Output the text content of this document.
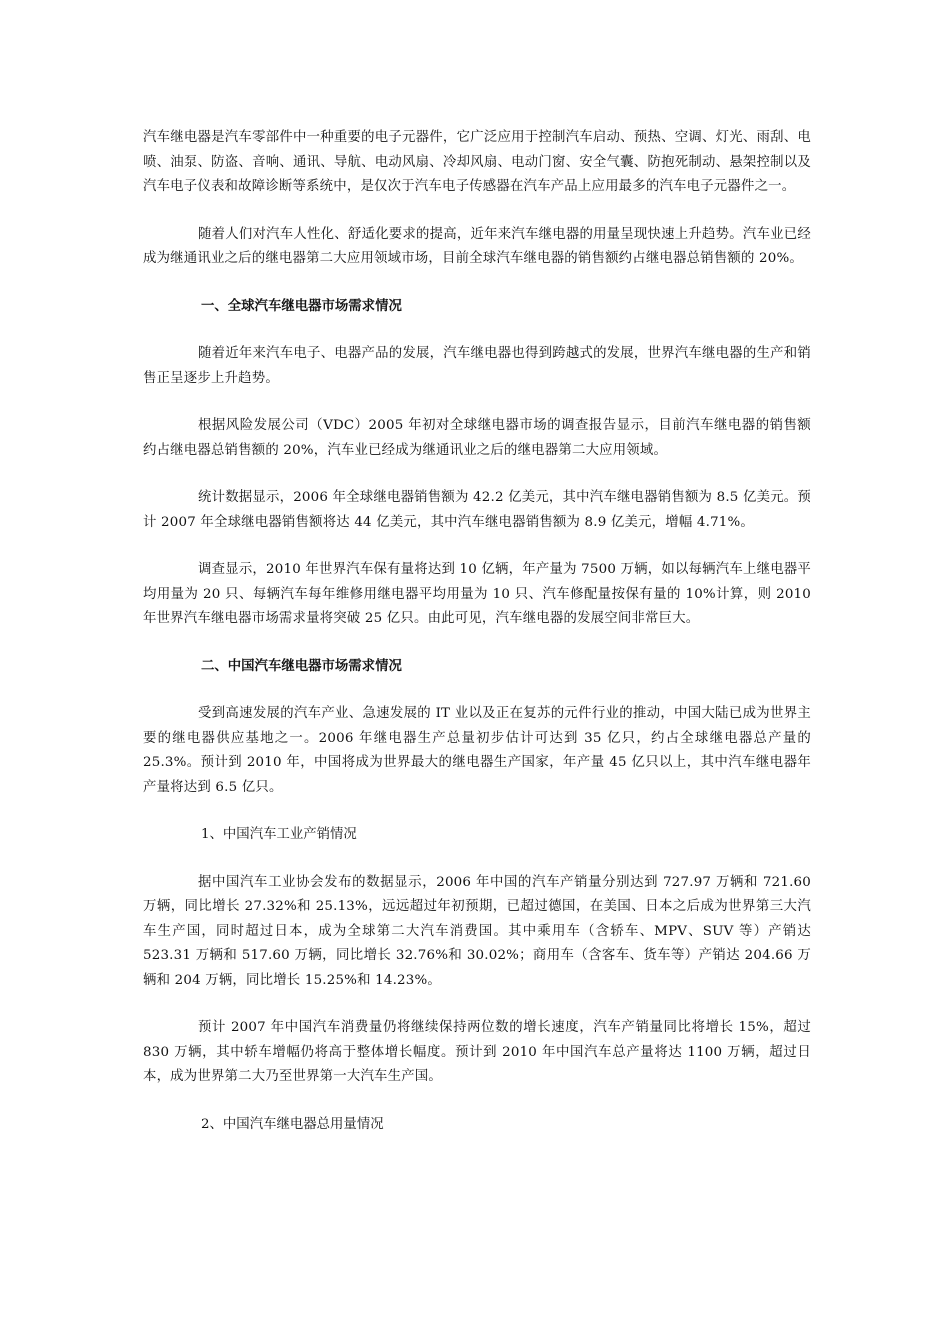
汽车继电器是汽车零部件中一种重要的电子元器件，它广泛应用于控制汽车启动、预热、空调、灯光、雨刮、电喷、油泵、防盗、音响、通讯、导航、电动风扇、冷却风扇、电动门窗、安全气囊、防抱死制动、悬架控制以及汽车电子仪表和故障诊断等系统中，是仅次于汽车电子传感器在汽车产品上应用最多的汽车电子元器件之一。

随着人们对汽车人性化、舒适化要求的提高，近年来汽车继电器的用量呈现快速上升趋势。汽车业已经成为继通讯业之后的继电器第二大应用领域市场，目前全球汽车继电器的销售额约占继电器总销售额的 20%。

一、全球汽车继电器市场需求情况

随着近年来汽车电子、电器产品的发展，汽车继电器也得到跨越式的发展，世界汽车继电器的生产和销售正呈逐步上升趋势。

根据风险发展公司（VDC）2005 年初对全球继电器市场的调查报告显示，目前汽车继电器的销售额约占继电器总销售额的 20%，汽车业已经成为继通讯业之后的继电器第二大应用领域。

统计数据显示，2006 年全球继电器销售额为 42.2 亿美元，其中汽车继电器销售额为 8.5 亿美元。预计 2007 年全球继电器销售额将达 44 亿美元，其中汽车继电器销售额为 8.9 亿美元，增幅 4.71%。

调查显示，2010 年世界汽车保有量将达到 10 亿辆，年产量为 7500 万辆，如以每辆汽车上继电器平均用量为 20 只、每辆汽车每年维修用继电器平均用量为 10 只、汽车修配量按保有量的 10%计算，则 2010 年世界汽车继电器市场需求量将突破 25 亿只。由此可见，汽车继电器的发展空间非常巨大。

二、中国汽车继电器市场需求情况

受到高速发展的汽车产业、急速发展的 IT 业以及正在复苏的元件行业的推动，中国大陆已成为世界主要的继电器供应基地之一。2006 年继电器生产总量初步估计可达到 35 亿只，约占全球继电器总产量的 25.3%。预计到 2010 年，中国将成为世界最大的继电器生产国家，年产量 45 亿只以上，其中汽车继电器年产量将达到 6.5 亿只。

1、中国汽车工业产销情况

据中国汽车工业协会发布的数据显示，2006 年中国的汽车产销量分别达到 727.97 万辆和 721.60 万辆，同比增长 27.32%和 25.13%，远远超过年初预期，已超过德国，在美国、日本之后成为世界第三大汽车生产国，同时超过日本，成为全球第二大汽车消费国。其中乘用车（含轿车、MPV、SUV 等）产销达 523.31 万辆和 517.60 万辆，同比增长 32.76%和 30.02%；商用车（含客车、货车等）产销达 204.66 万辆和 204 万辆，同比增长 15.25%和 14.23%。

预计 2007 年中国汽车消费量仍将继续保持两位数的增长速度，汽车产销量同比将增长 15%，超过 830 万辆，其中轿车增幅仍将高于整体增长幅度。预计到 2010 年中国汽车总产量将达 1100 万辆，超过日本，成为世界第二大乃至世界第一大汽车生产国。

2、中国汽车继电器总用量情况
